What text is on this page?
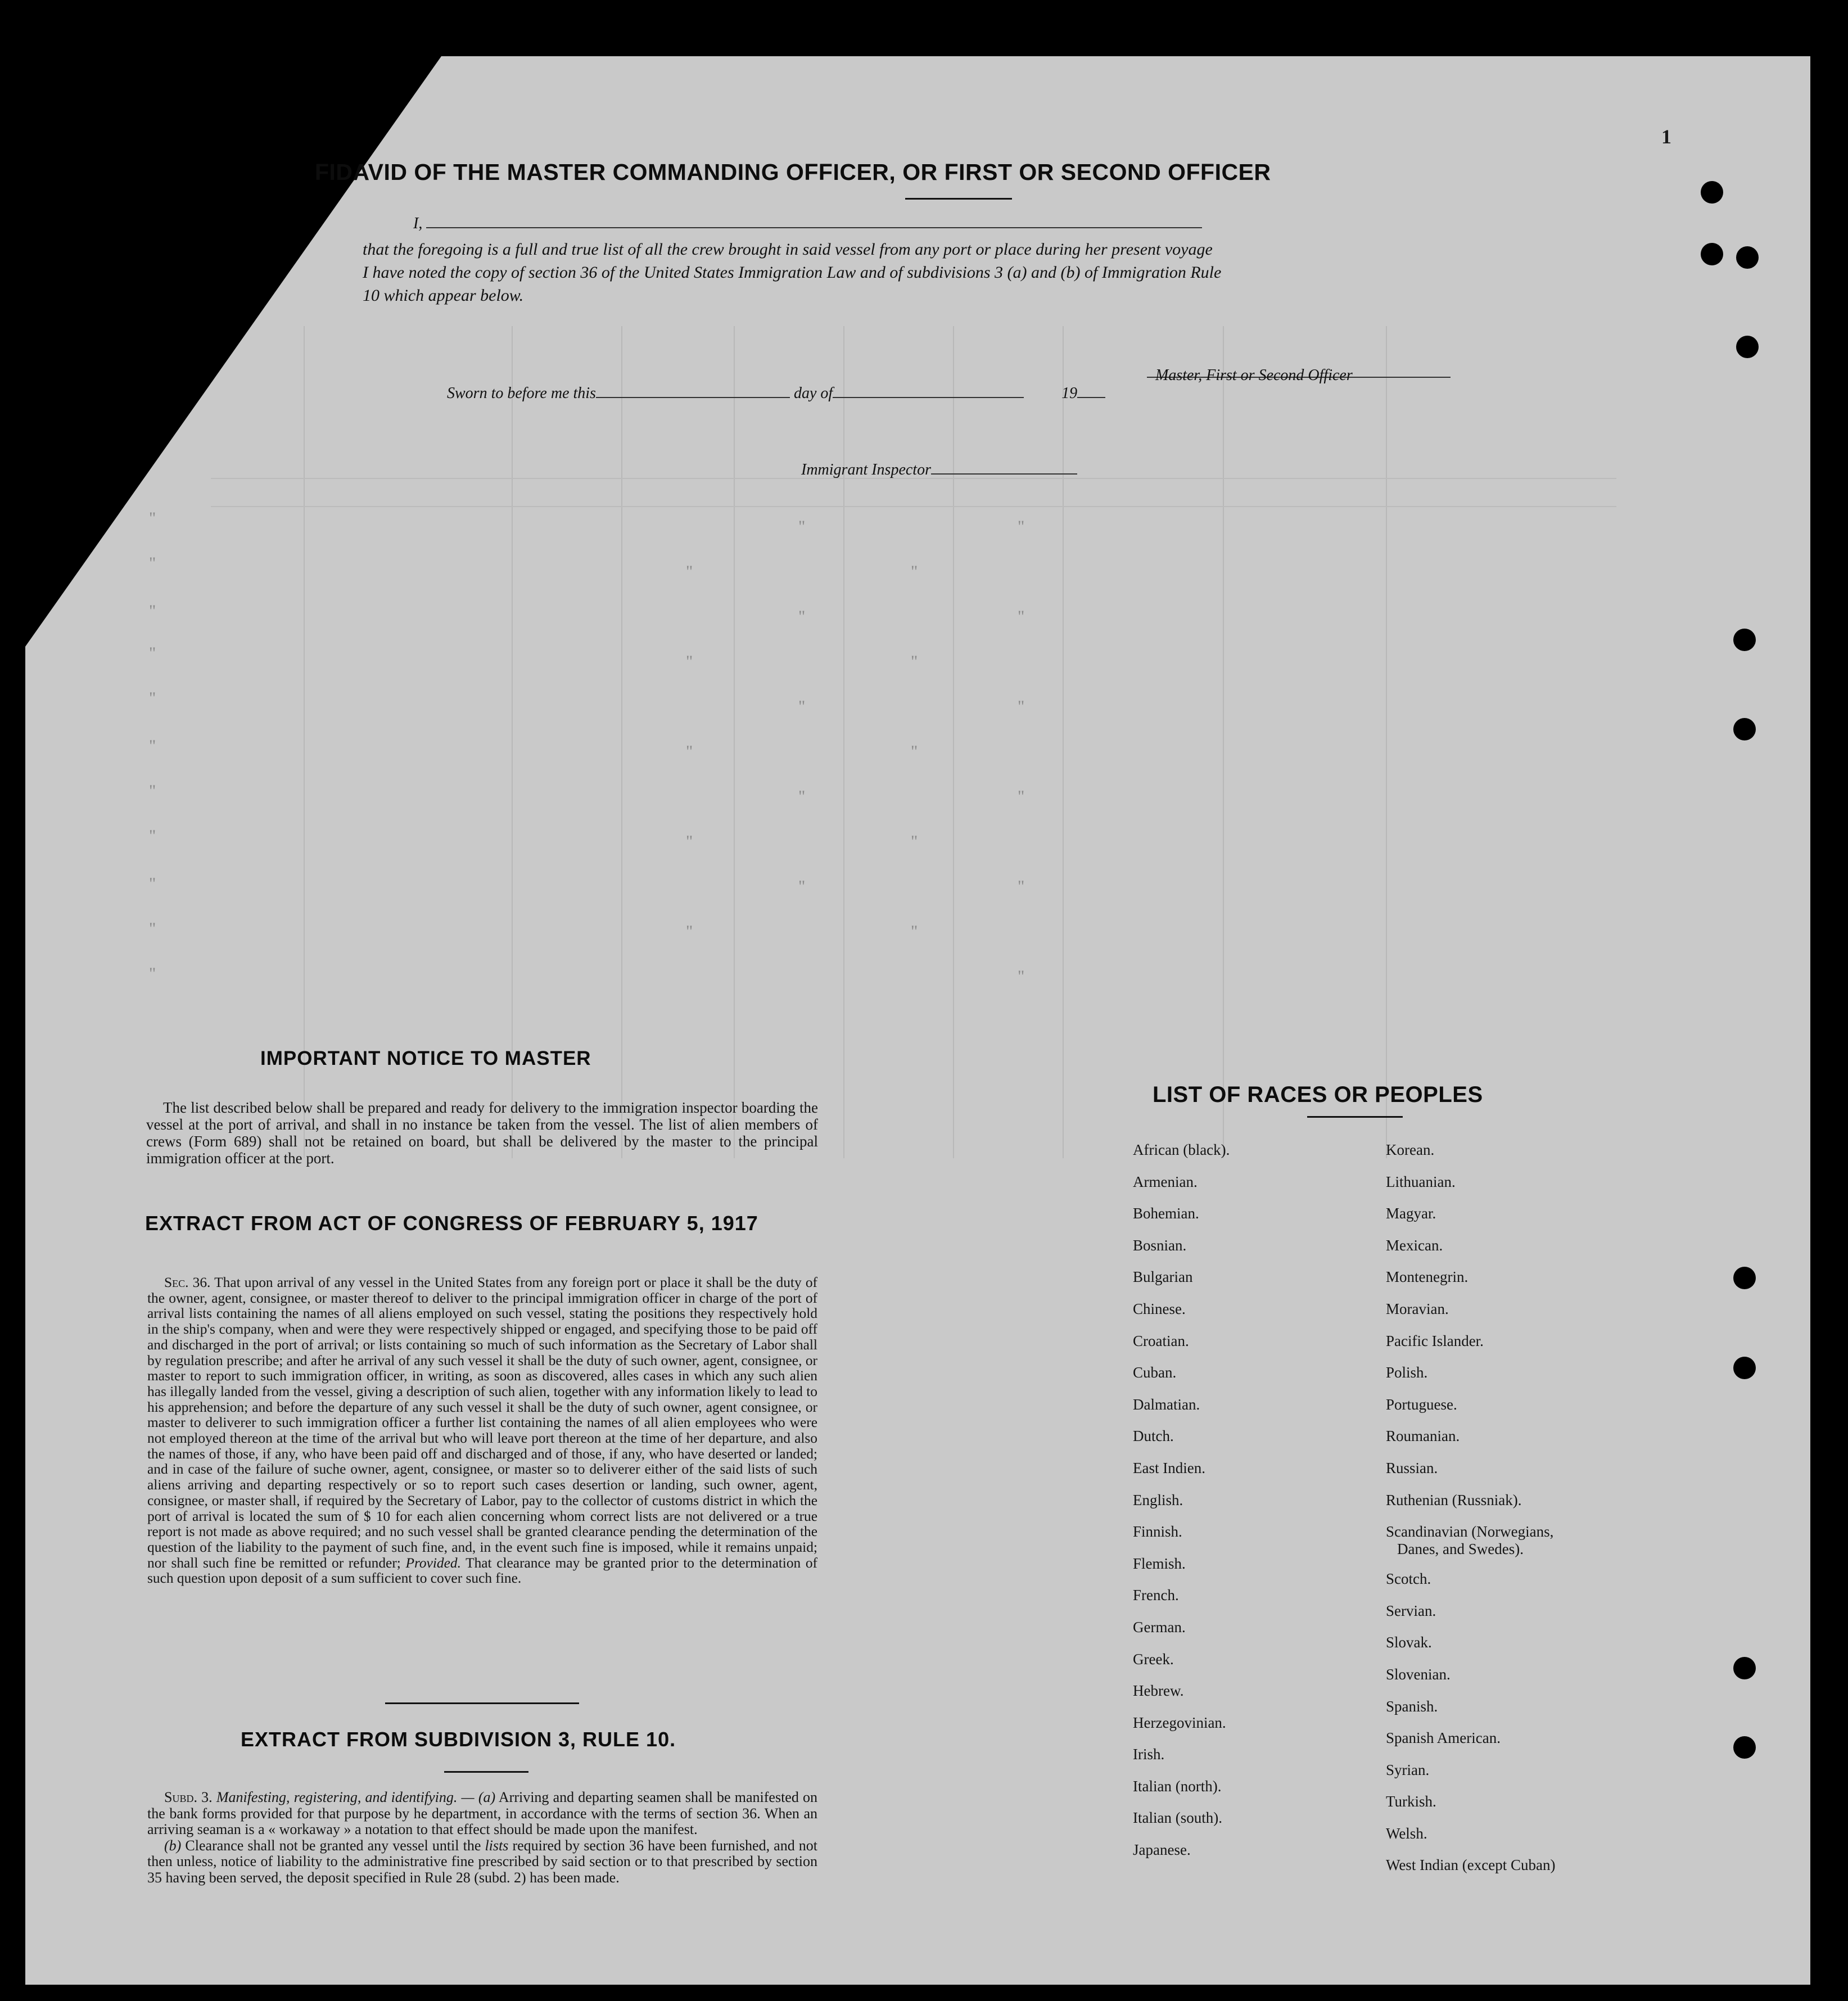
"
"
"
"
"
"
"
"
"
"
"
"
"
"
"
"
"
"
"
"
"
"
"
"
"
"
"
"
"
"
"
"
1
FIDAVID OF THE MASTER COMMANDING OFFICER, OR FIRST OR SECOND OFFICER
I,
that the foregoing is a full and true list of all the crew brought in said vessel from any port or place during her present voyage
I have noted the copy of section 36 of the United States Immigration Law and of subdivisions 3 (a) and (b) of Immigration Rule
10 which appear below.
Master, First or Second Officer
Sworn to before me this	day of	19
Immigrant Inspector
IMPORTANT NOTICE TO MASTER
The list described below shall be prepared and ready for delivery to the immigration inspector boarding the vessel at the port of arrival, and shall in no instance be taken from the vessel. The list of alien members of crews (Form 689) shall not be retained on board, but shall be delivered by the master to the principal immigration officer at the port.
EXTRACT FROM ACT OF CONGRESS OF FEBRUARY 5, 1917
Sec. 36. That upon arrival of any vessel in the United States from any foreign port or place it shall be the duty of the owner, agent, consignee, or master thereof to deliver to the principal immigration officer in charge of the port of arrival lists containing the names of all aliens employed on such vessel, stating the positions they respectively hold in the ship's company, when and were they were respectively shipped or engaged, and specifying those to be paid off and discharged in the port of arrival; or lists containing so much of such information as the Secretary of Labor shall by regulation prescribe; and after he arrival of any such vessel it shall be the duty of such owner, agent, consignee, or master to report to such immigration officer, in writing, as soon as discovered, alles cases in which any such alien has illegally landed from the vessel, giving a description of such alien, together with any information likely to lead to his apprehension; and before the departure of any such vessel it shall be the duty of such owner, agent consignee, or master to deliverer to such immigration officer a further list containing the names of all alien employees who were not employed thereon at the time of the arrival but who will leave port thereon at the time of her departure, and also the names of those, if any, who have been paid off and discharged and of those, if any, who have deserted or landed; and in case of the failure of suche owner, agent, consignee, or master so to deliverer either of the said lists of such aliens arriving and departing respectively or so to report such cases desertion or landing, such owner, agent, consignee, or master shall, if required by the Secretary of Labor, pay to the collector of customs district in which the port of arrival is located the sum of $ 10 for each alien concerning whom correct lists are not delivered or a true report is not made as above required; and no such vessel shall be granted clearance pending the determination of the question of the liability to the payment of such fine, and, in the event such fine is imposed, while it remains unpaid; nor shall such fine be remitted or refunder; Provided. That clearance may be granted prior to the determination of such question upon deposit of a sum sufficient to cover such fine.
EXTRACT FROM SUBDIVISION 3, RULE 10.
Subd. 3. Manifesting, registering, and identifying. — (a) Arriving and departing seamen shall be manifested on the bank forms provided for that purpose by he department, in accordance with the terms of section 36. When an arriving seaman is a « workaway » a notation to that effect should be made upon the manifest.
(b) Clearance shall not be granted any vessel until the lists required by section 36 have been furnished, and not then unless, notice of liability to the administrative fine prescribed by said section or to that prescribed by section 35 having been served, the deposit specified in Rule 28 (subd. 2) has been made.
LIST OF RACES OR PEOPLES
African (black).
Armenian.
Bohemian.
Bosnian.
Bulgarian
Chinese.
Croatian.
Cuban.
Dalmatian.
Dutch.
East Indien.
English.
Finnish.
Flemish.
French.
German.
Greek.
Hebrew.
Herzegovinian.
Irish.
Italian (north).
Italian (south).
Japanese.
Korean.
Lithuanian.
Magyar.
Mexican.
Montenegrin.
Moravian.
Pacific Islander.
Polish.
Portuguese.
Roumanian.
Russian.
Ruthenian (Russniak).
Scandinavian (Norwegians,
Danes, and Swedes).
Scotch.
Servian.
Slovak.
Slovenian.
Spanish.
Spanish American.
Syrian.
Turkish.
Welsh.
West Indian (except Cuban)
